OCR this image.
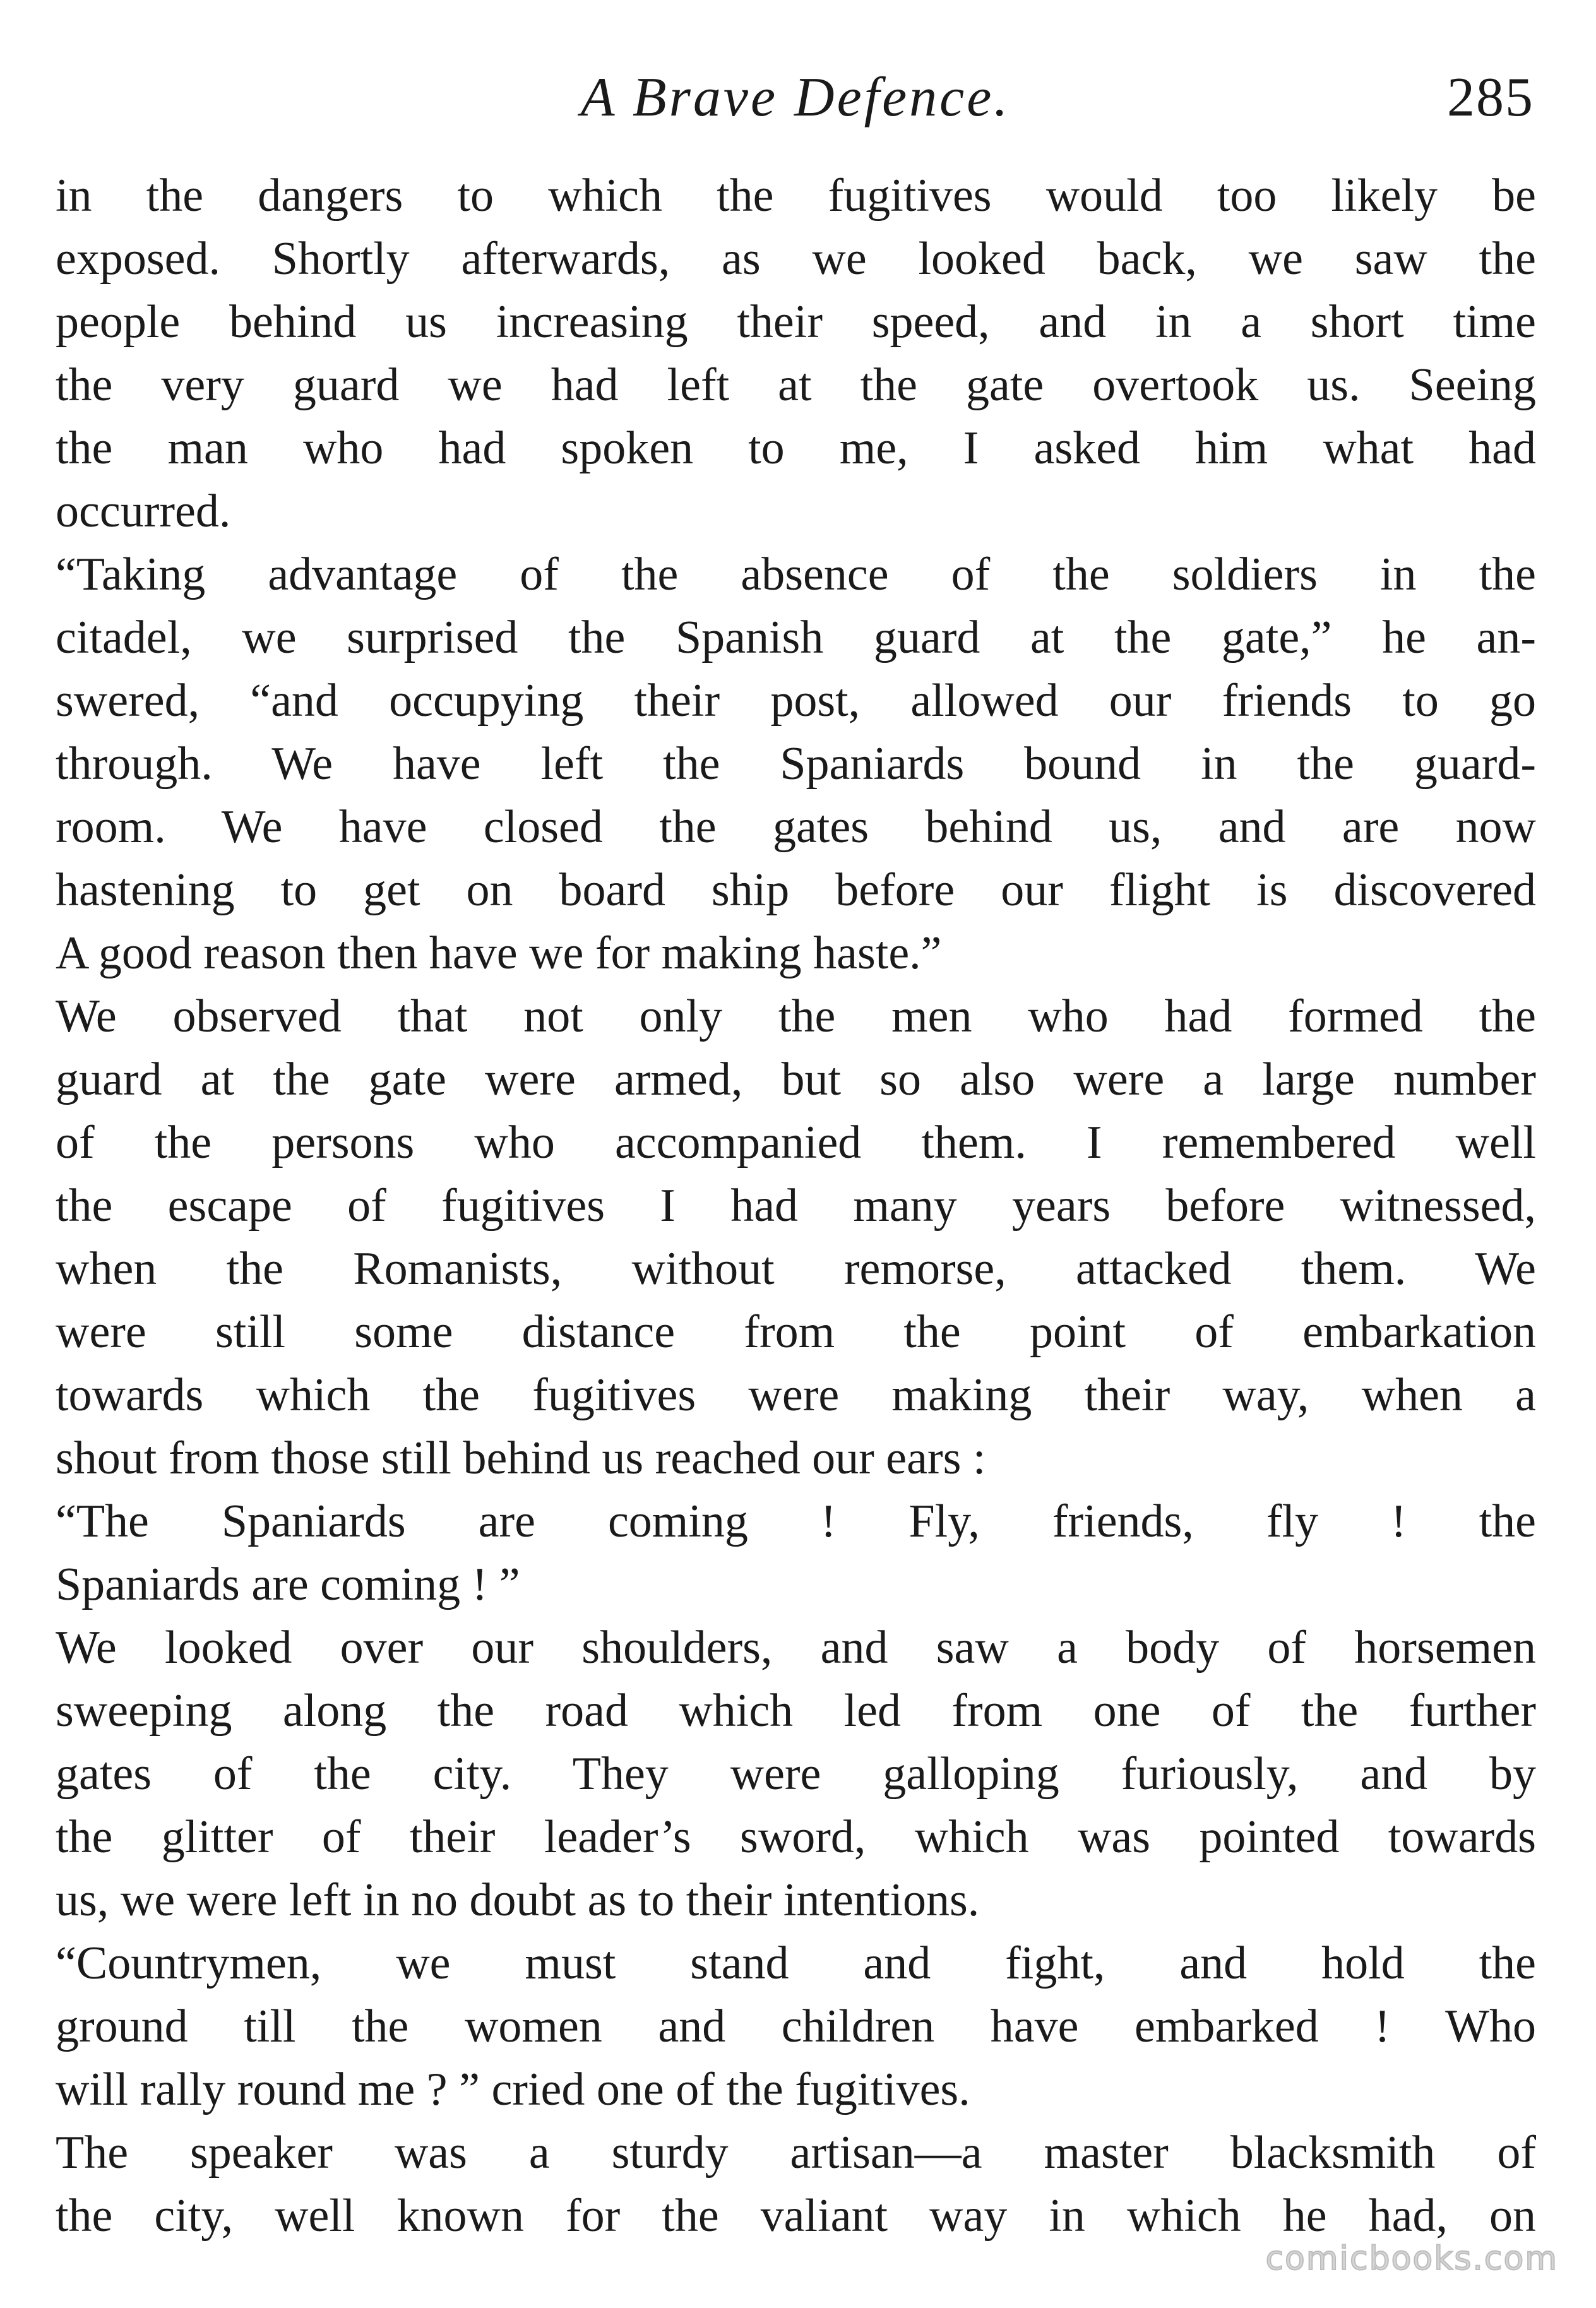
A Brave Defence.	285
in the dangers to which the fugitives would too likely be
exposed. Shortly afterwards, as we looked back, we saw the
people behind us increasing their speed, and in a short time
the very guard we had left at the gate overtook us. Seeing
the man who had spoken to me, I asked him what had
occurred.
“Taking advantage of the absence of the soldiers in the
citadel, we surprised the Spanish guard at the gate,” he an-
swered, “and occupying their post, allowed our friends to go
through. We have left the Spaniards bound in the guard-
room. We have closed the gates behind us, and are now
hastening to get on board ship before our flight is discovered
A good reason then have we for making haste.”
We observed that not only the men who had formed the
guard at the gate were armed, but so also were a large number
of the persons who accompanied them. I remembered well
the escape of fugitives I had many years before witnessed,
when the Romanists, without remorse, attacked them. We
were still some distance from the point of embarkation
towards which the fugitives were making their way, when a
shout from those still behind us reached our ears :
“The Spaniards are coming ! Fly, friends, fly ! the
Spaniards are coming ! ”
We looked over our shoulders, and saw a body of horsemen
sweeping along the road which led from one of the further
gates of the city. They were galloping furiously, and by
the glitter of their leader’s sword, which was pointed towards
us, we were left in no doubt as to their intentions.
“Countrymen, we must stand and fight, and hold the
ground till the women and children have embarked ! Who
will rally round me ? ” cried one of the fugitives.
The speaker was a sturdy artisan—a master blacksmith of
the city, well known for the valiant way in which he had, on
comicbooks.com
